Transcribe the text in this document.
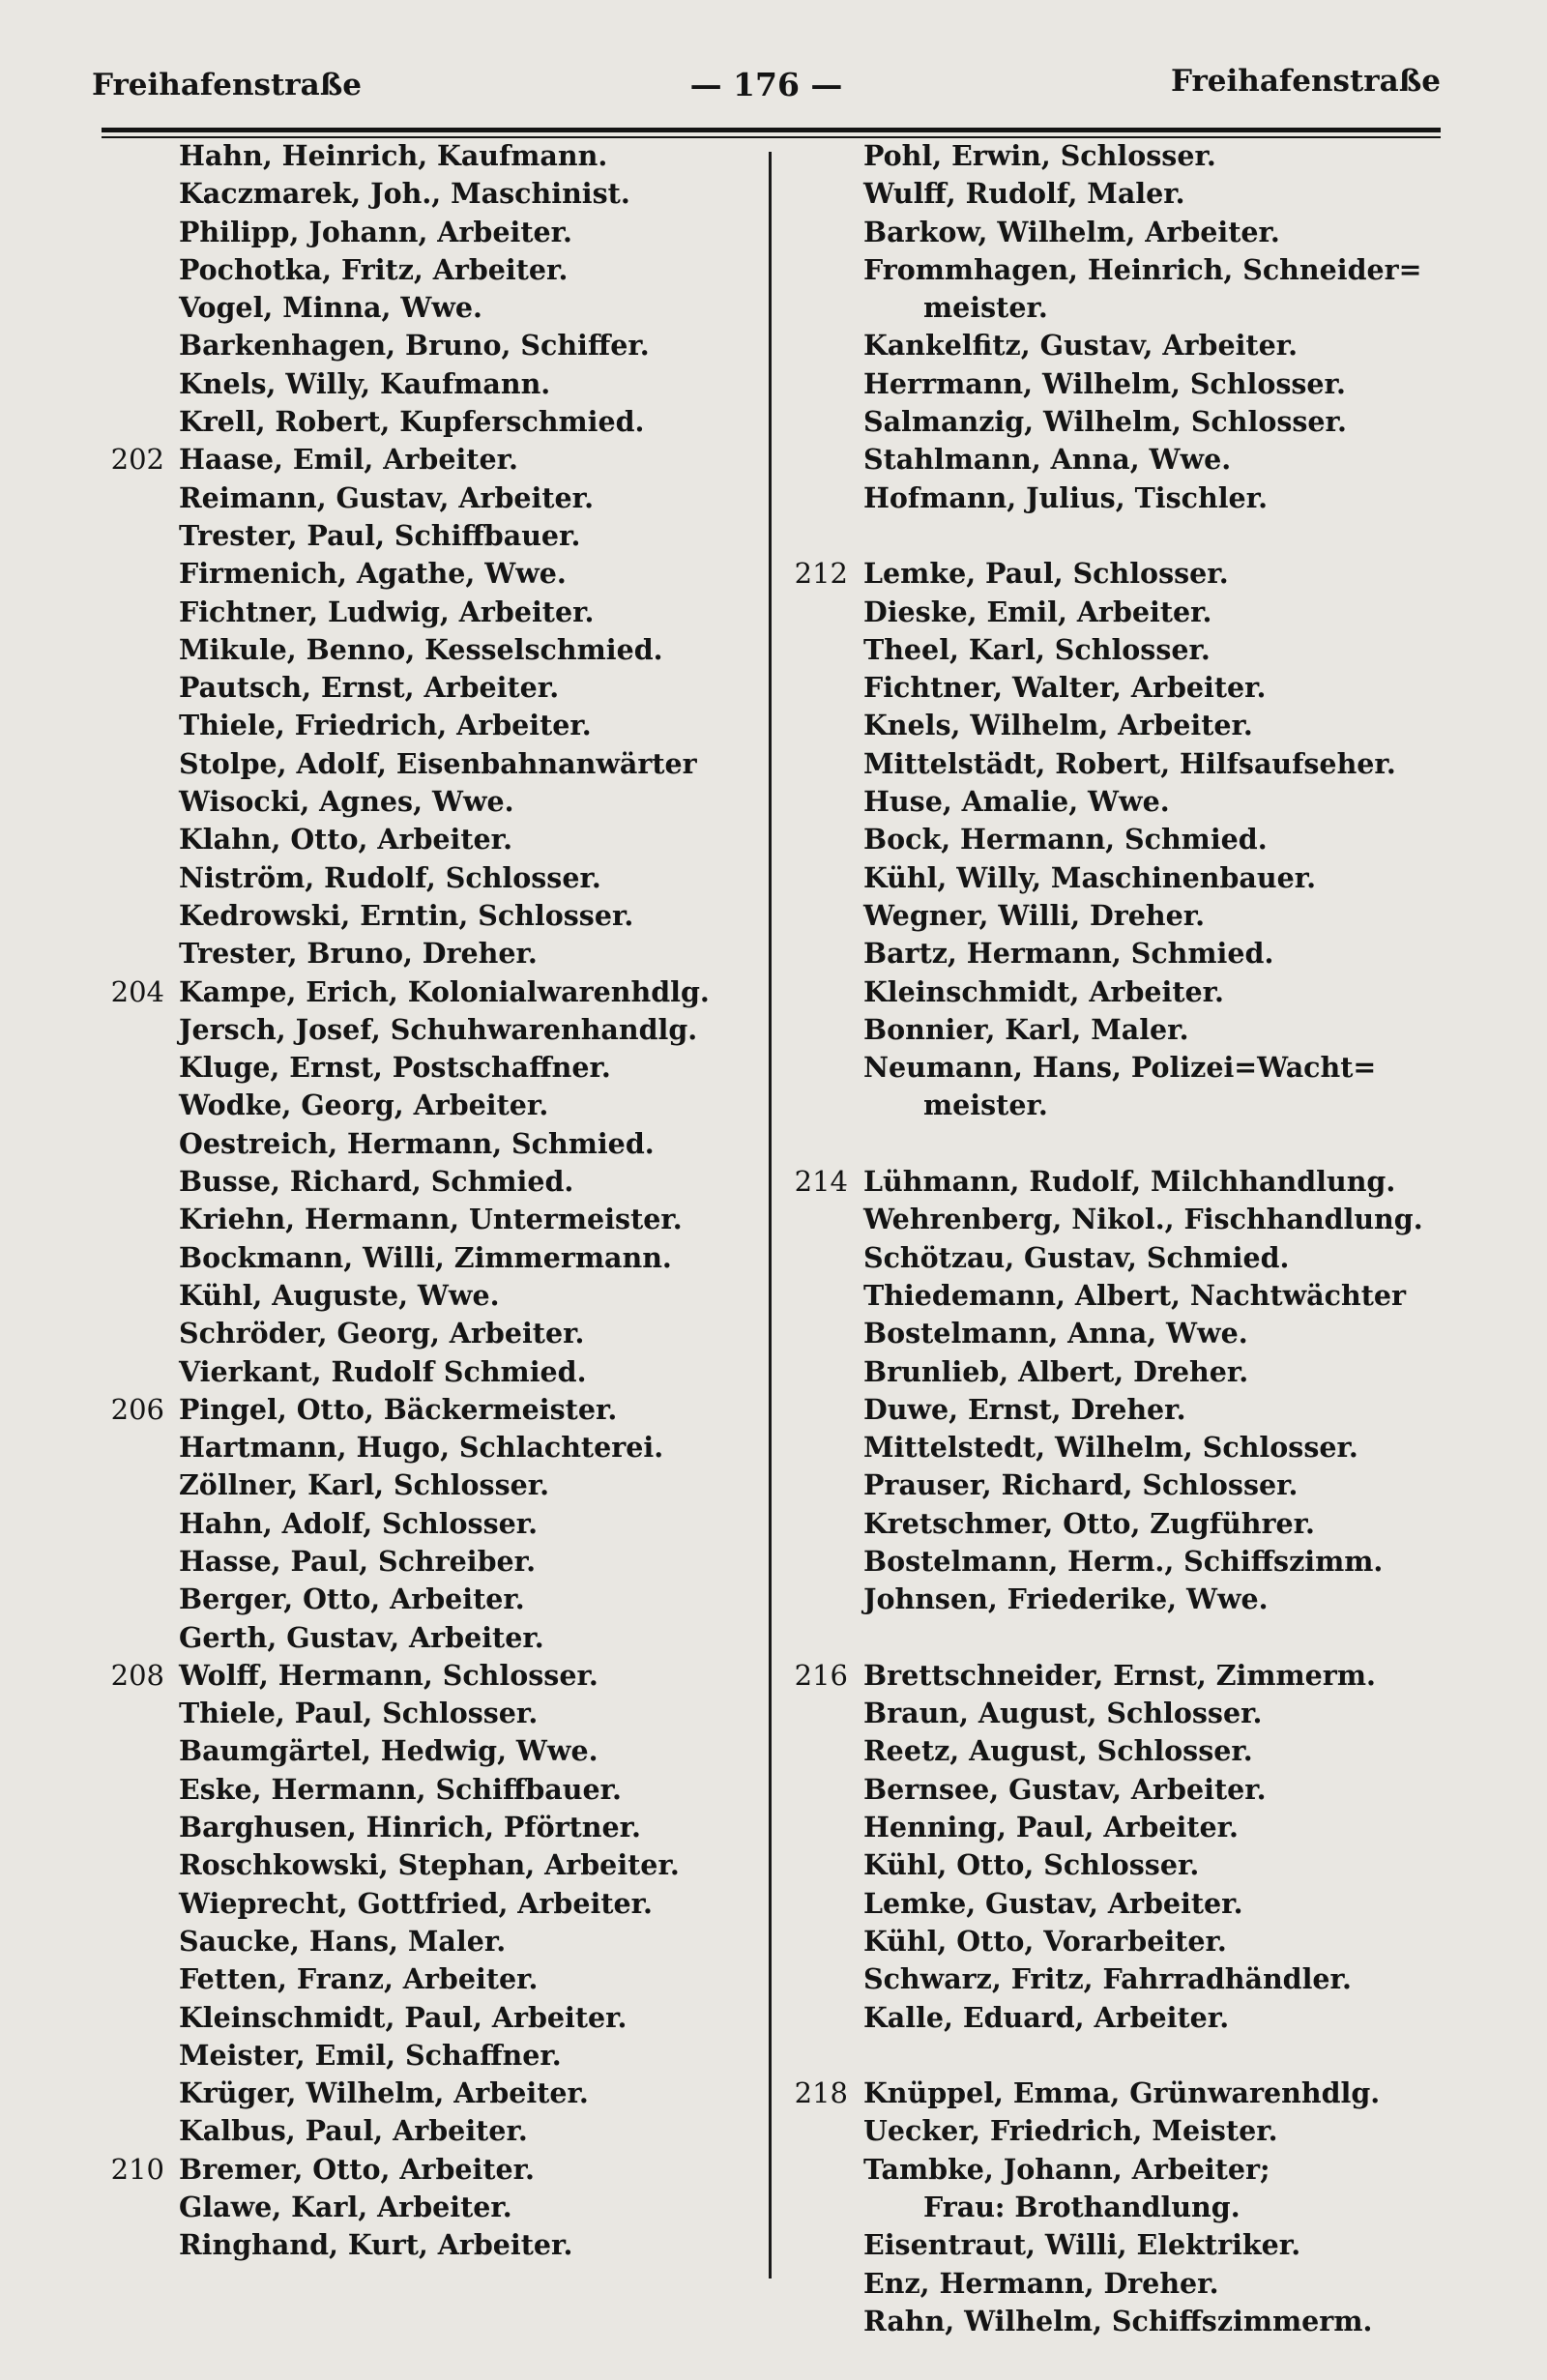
Freihafenstraße	— 176 —	Freihafenstraße
Hahn, Heinrich, Kaufmann.
Kaczmarek, Joh., Maschinist.
Philipp, Johann, Arbeiter.
Pochotka, Fritz, Arbeiter.
Vogel, Minna, Wwe.
Barkenhagen, Bruno, Schiffer.
Knels, Willy, Kaufmann.
Krell, Robert, Kupferschmied.
202 Haase, Emil, Arbeiter.
Reimann, Gustav, Arbeiter.
Trester, Paul, Schiffbauer.
Firmenich, Agathe, Wwe.
Fichtner, Ludwig, Arbeiter.
Mikule, Benno, Kesselschmied.
Pautsch, Ernst, Arbeiter.
Thiele, Friedrich, Arbeiter.
Stolpe, Adolf, Eisenbahnanwärter
Wisocki, Agnes, Wwe.
Klahn, Otto, Arbeiter.
Niström, Rudolf, Schlosser.
Kedrowski, Erntin, Schlosser.
Trester, Bruno, Dreher.
204 Kampe, Erich, Kolonialwarenhdlg.
Jersch, Josef, Schuhwarenhandlg.
Kluge, Ernst, Postschaffner.
Wodke, Georg, Arbeiter.
Oestreich, Hermann, Schmied.
Busse, Richard, Schmied.
Kriehn, Hermann, Untermeister.
Bockmann, Willi, Zimmermann.
Kühl, Auguste, Wwe.
Schröder, Georg, Arbeiter.
Vierkant, Rudolf Schmied.
206 Pingel, Otto, Bäckermeister.
Hartmann, Hugo, Schlachterei.
Zöllner, Karl, Schlosser.
Hahn, Adolf, Schlosser.
Hasse, Paul, Schreiber.
Berger, Otto, Arbeiter.
Gerth, Gustav, Arbeiter.
208 Wolff, Hermann, Schlosser.
Thiele, Paul, Schlosser.
Baumgärtel, Hedwig, Wwe.
Eske, Hermann, Schiffbauer.
Barghusen, Hinrich, Pförtner.
Roschkowski, Stephan, Arbeiter.
Wieprecht, Gottfried, Arbeiter.
Saucke, Hans, Maler.
Fetten, Franz, Arbeiter.
Kleinschmidt, Paul, Arbeiter.
Meister, Emil, Schaffner.
Krüger, Wilhelm, Arbeiter.
Kalbus, Paul, Arbeiter.
210 Bremer, Otto, Arbeiter.
Glawe, Karl, Arbeiter.
Ringhand, Kurt, Arbeiter.
Pohl, Erwin, Schlosser.
Wulff, Rudolf, Maler.
Barkow, Wilhelm, Arbeiter.
Frommhagen, Heinrich, Schneider=
meister.
Kankelfitz, Gustav, Arbeiter.
Herrmann, Wilhelm, Schlosser.
Salmanzig, Wilhelm, Schlosser.
Stahlmann, Anna, Wwe.
Hofmann, Julius, Tischler.
212 Lemke, Paul, Schlosser.
Dieske, Emil, Arbeiter.
Theel, Karl, Schlosser.
Fichtner, Walter, Arbeiter.
Knels, Wilhelm, Arbeiter.
Mittelstädt, Robert, Hilfsaufseher.
Huse, Amalie, Wwe.
Bock, Hermann, Schmied.
Kühl, Willy, Maschinenbauer.
Wegner, Willi, Dreher.
Bartz, Hermann, Schmied.
Kleinschmidt, Arbeiter.
Bonnier, Karl, Maler.
Neumann, Hans, Polizei=Wacht=
meister.
214 Lühmann, Rudolf, Milchhandlung.
Wehrenberg, Nikol., Fischhandlung.
Schötzau, Gustav, Schmied.
Thiedemann, Albert, Nachtwächter
Bostelmann, Anna, Wwe.
Brunlieb, Albert, Dreher.
Duwe, Ernst, Dreher.
Mittelstedt, Wilhelm, Schlosser.
Prauser, Richard, Schlosser.
Kretschmer, Otto, Zugführer.
Bostelmann, Herm., Schiffszimm.
Johnsen, Friederike, Wwe.
216 Brettschneider, Ernst, Zimmerm.
Braun, August, Schlosser.
Reetz, August, Schlosser.
Bernsee, Gustav, Arbeiter.
Henning, Paul, Arbeiter.
Kühl, Otto, Schlosser.
Lemke, Gustav, Arbeiter.
Kühl, Otto, Vorarbeiter.
Schwarz, Fritz, Fahrradhändler.
Kalle, Eduard, Arbeiter.
218 Knüppel, Emma, Grünwarenhdlg.
Uecker, Friedrich, Meister.
Tambke, Johann, Arbeiter;
Frau: Brothandlung.
Eisentraut, Willi, Elektriker.
Enz, Hermann, Dreher.
Rahn, Wilhelm, Schiffszimmerm.
